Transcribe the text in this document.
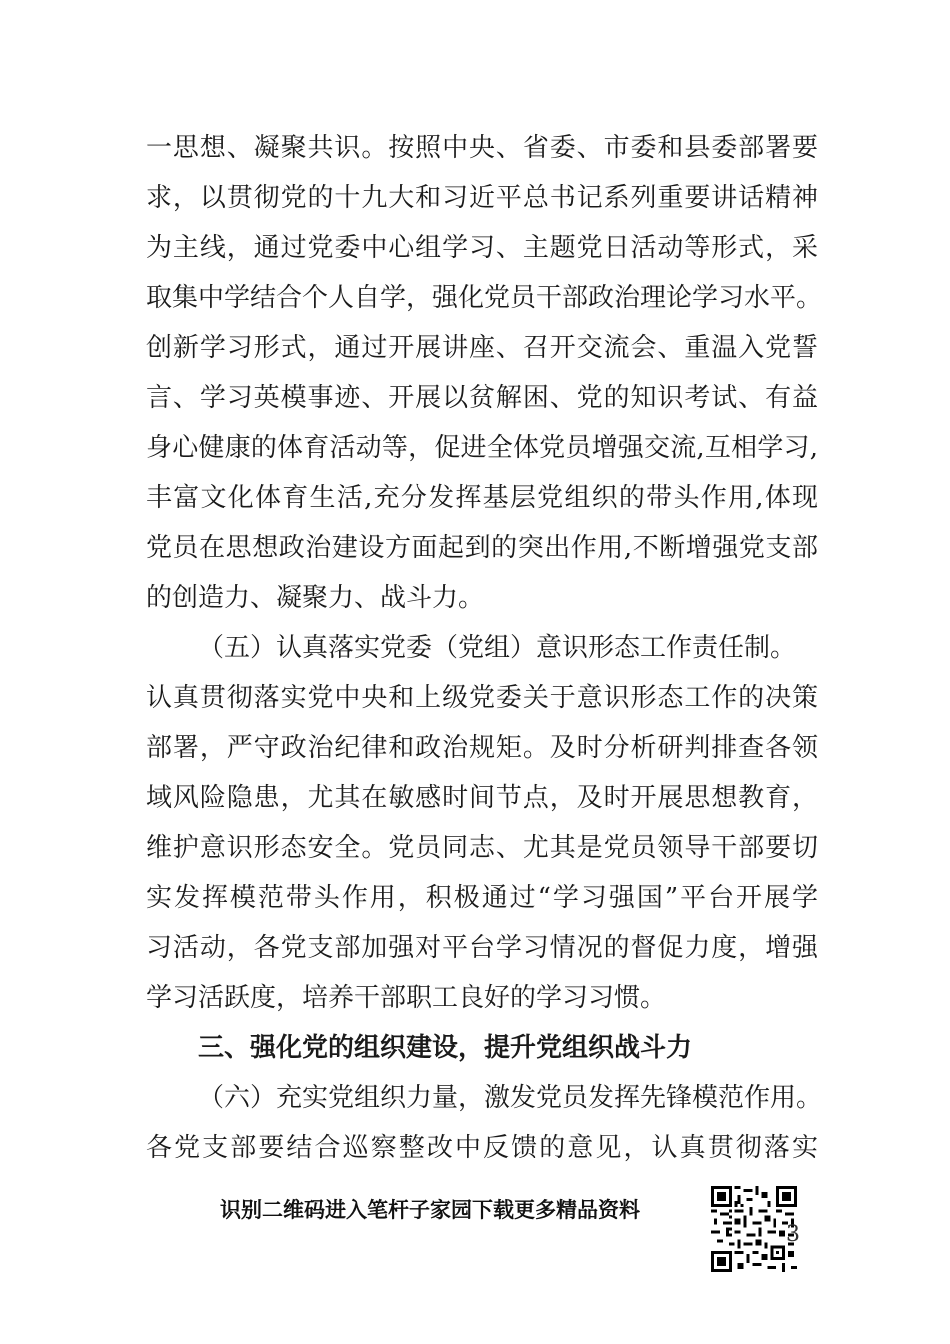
一思想、凝聚共识。按照中央、省委、市委和县委部署要
求，以贯彻党的十九大和习近平总书记系列重要讲话精神
为主线，通过党委中心组学习、主题党日活动等形式，采
取集中学结合个人自学，强化党员干部政治理论学习水平。
创新学习形式，通过开展讲座、召开交流会、重温入党誓
言、学习英模事迹、开展以贫解困、党的知识考试、有益
身心健康的体育活动等，促进全体党员增强交流,互相学习,
丰富文化体育生活,充分发挥基层党组织的带头作用,体现
党员在思想政治建设方面起到的突出作用,不断增强党支部
的创造力、凝聚力、战斗力。
（五）认真落实党委（党组）意识形态工作责任制。
认真贯彻落实党中央和上级党委关于意识形态工作的决策
部署，严守政治纪律和政治规矩。及时分析研判排查各领
域风险隐患，尤其在敏感时间节点，及时开展思想教育，
维护意识形态安全。党员同志、尤其是党员领导干部要切
实发挥模范带头作用，积极通过“学习强国”平台开展学
习活动，各党支部加强对平台学习情况的督促力度，增强
学习活跃度，培养干部职工良好的学习习惯。
三、强化党的组织建设，提升党组织战斗力
（六）充实党组织力量，激发党员发挥先锋模范作用。
各党支部要结合巡察整改中反馈的意见，认真贯彻落实
识别二维码进入笔杆子家园下载更多精品资料
3
